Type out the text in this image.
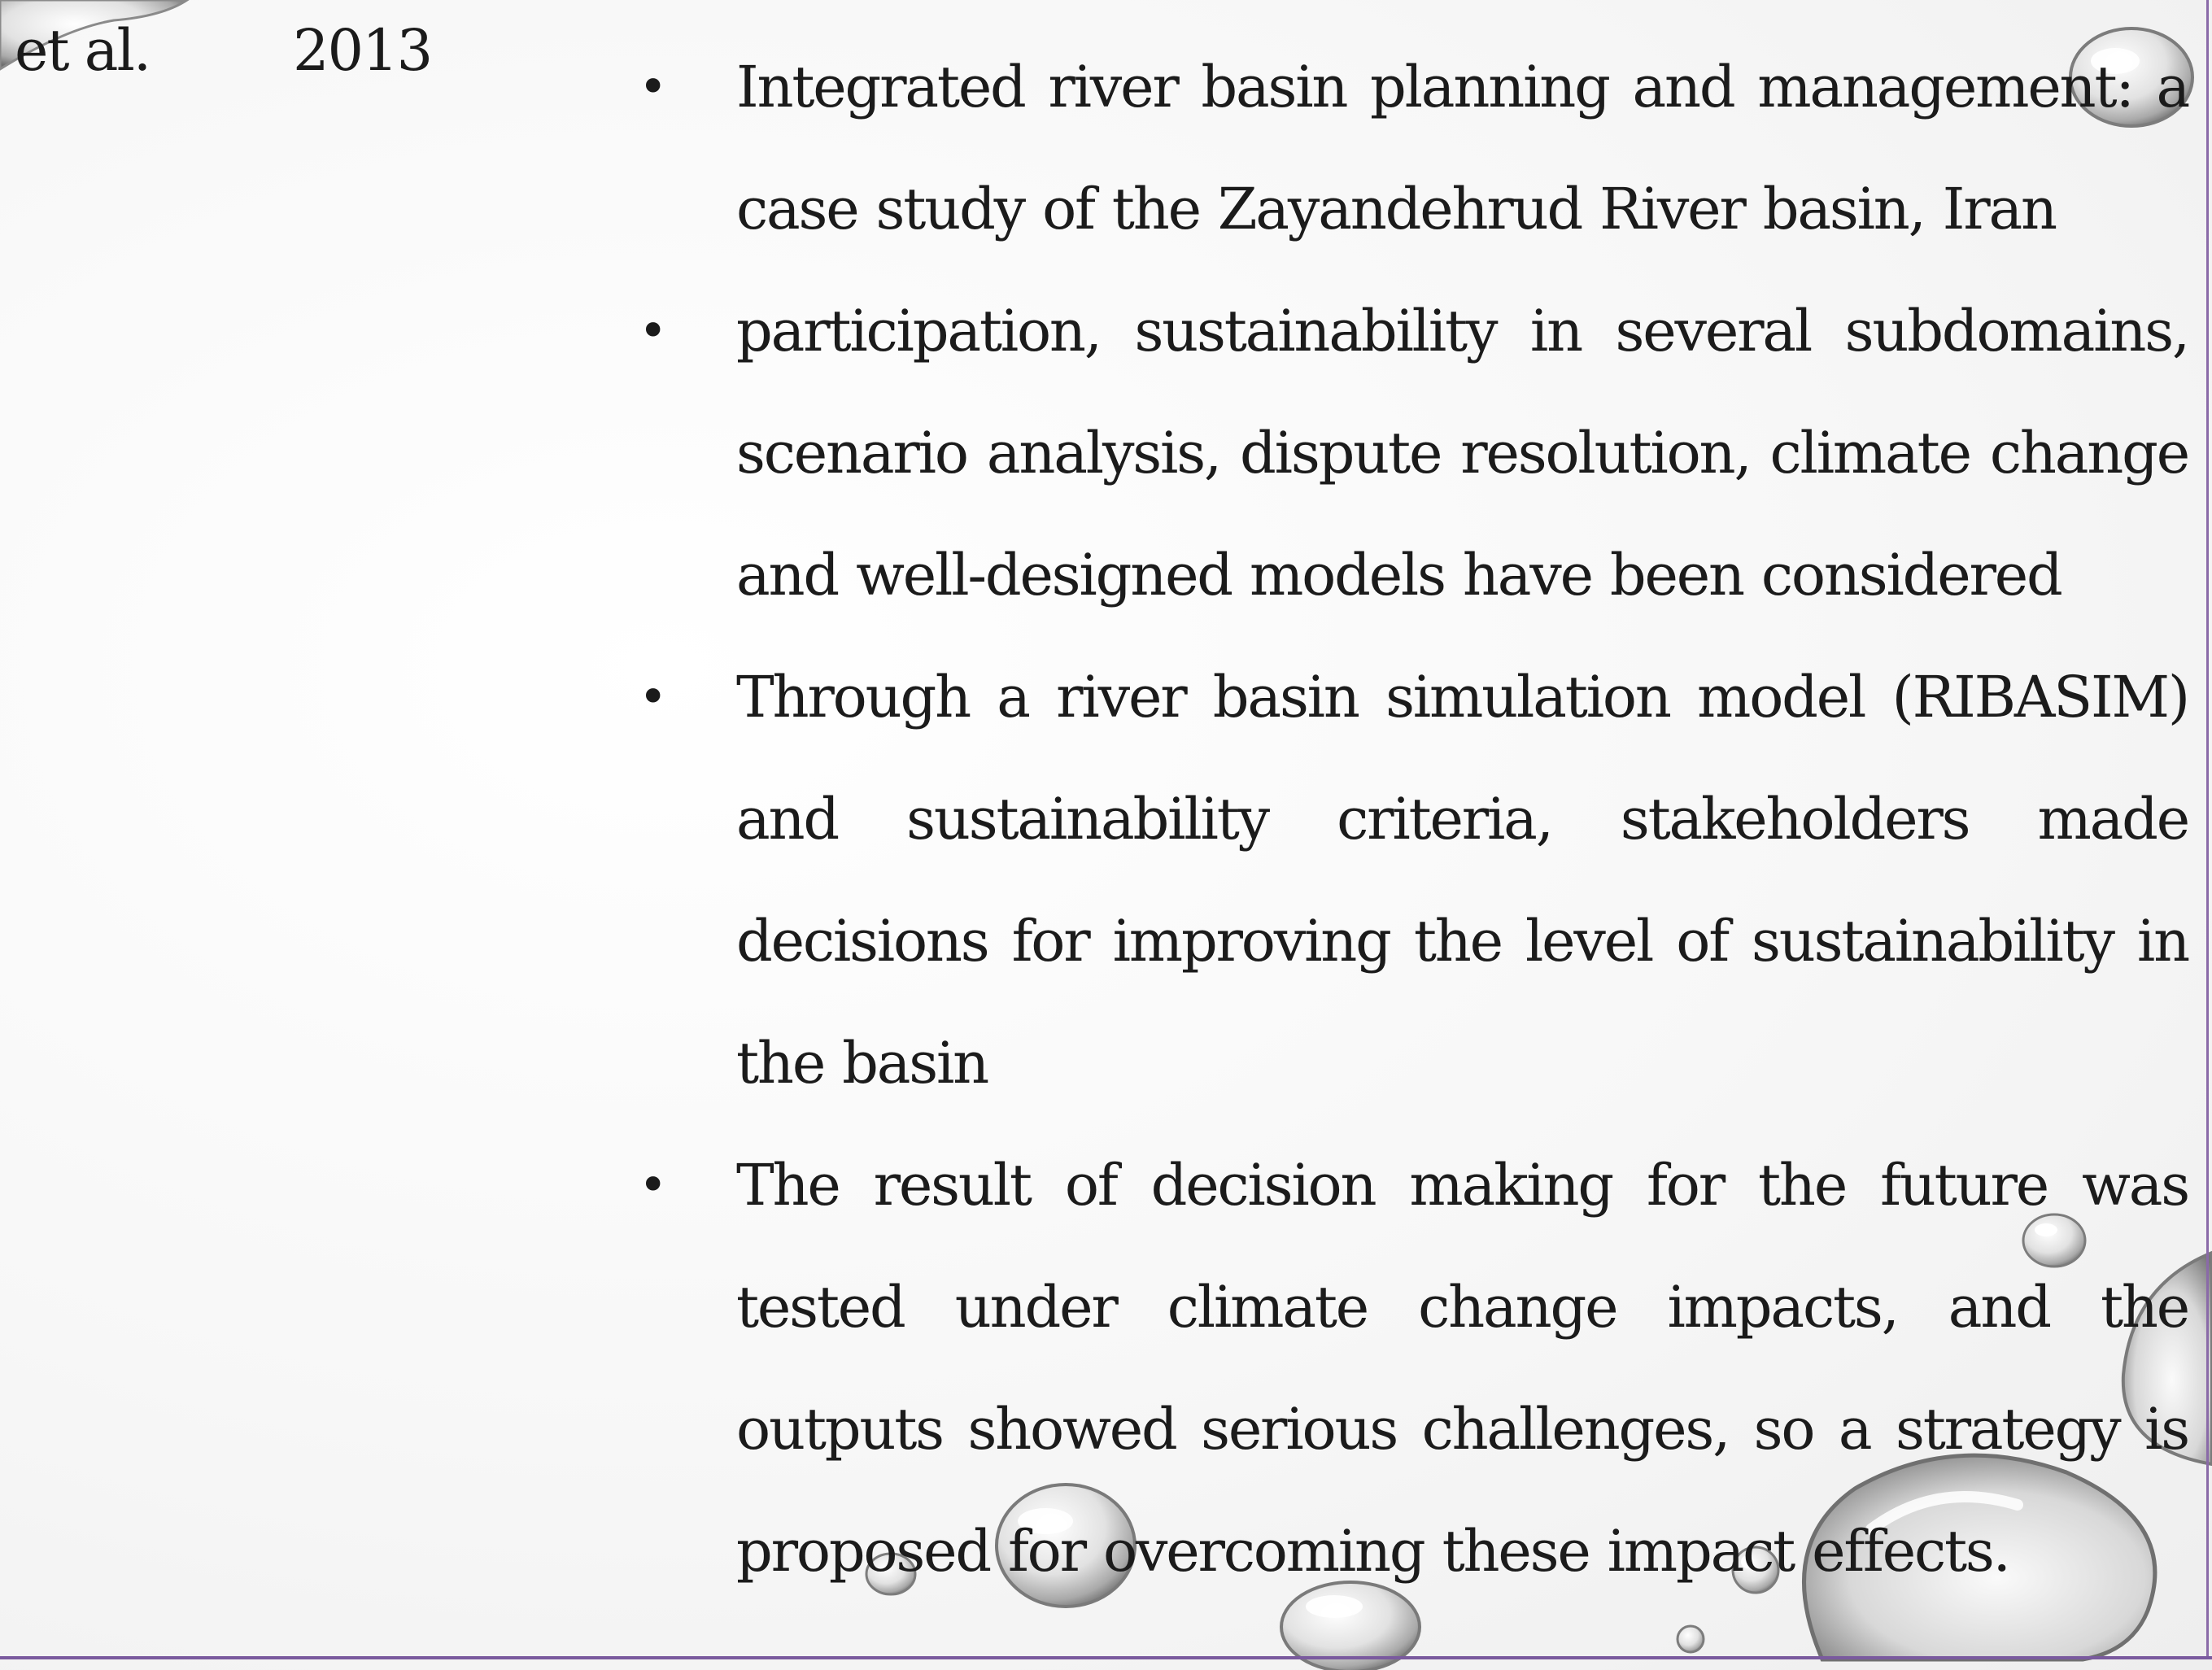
et al.	2013
• Integrated river basin planning and management: a case study of the Zayandehrud River basin, Iran
• participation, sustainability in several subdomains, scenario analysis, dispute resolution, climate change and well-designed models have been considered
• Through a river basin simulation model (RIBASIM) and sustainability criteria, stakeholders made decisions for improving the level of sustainability in the basin
• The result of decision making for the future was tested under climate change impacts, and the outputs showed serious challenges, so a strategy is proposed for overcoming these impact effects.
